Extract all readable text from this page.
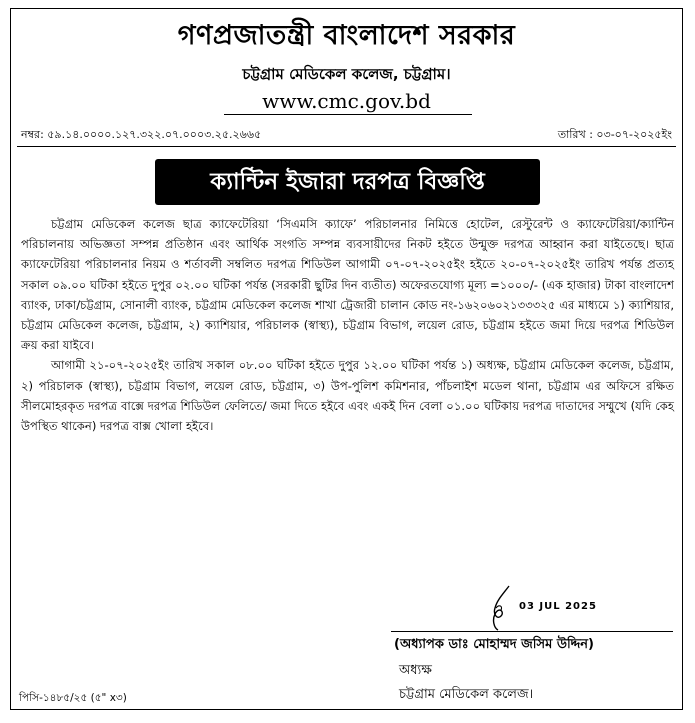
গণপ্রজাতন্ত্রী বাংলাদেশ সরকার
চট্টগ্রাম মেডিকেল কলেজ, চট্টগ্রাম।
www.cmc.gov.bd
নম্বর: ৫৯.১৪.০০০০.১২৭.৩২২.০৭.০০০৩.২৫.২৬৬৫	তারিখ : ০৩-০৭-২০২৫ইং
ক্যান্টিন ইজারা দরপত্র বিজ্ঞপ্তি

চট্টগ্রাম মেডিকেল কলেজ ছাত্র ক্যাফেটেরিয়া ‘সিএমসি ক্যাফে’ পরিচালনার নিমিত্তে হোটেল, রেস্টুরেন্ট ও ক্যাফেটেরিয়া/ক্যান্টিন পরিচালনায় অভিজ্ঞতা সম্পন্ন প্রতিষ্ঠান এবং আর্থিক সংগতি সম্পন্ন ব্যবসায়ীদের নিকট হইতে উন্মুক্ত দরপত্র আহ্বান করা যাইতেছে। ছাত্র ক্যাফেটেরিয়া পরিচালনার নিয়ম ও শর্তাবলী সম্বলিত দরপত্র শিডিউল আগামী ০৭-০৭-২০২৫ইং হইতে ২০-০৭-২০২৫ইং তারিখ পর্যন্ত প্রত্যহ সকাল ০৯.০০ ঘটিকা হইতে দুপুর ০২.০০ ঘটিকা পর্যন্ত (সরকারী ছুটির দিন ব্যতীত) অফেরতযোগ্য মূল্য =১০০০/- (এক হাজার) টাকা বাংলাদেশ ব্যাংক, ঢাকা/চট্টগ্রাম, সোনালী ব্যাংক, চট্টগ্রাম মেডিকেল কলেজ শাখা ট্রেজারী চালান কোড নং-১৬২০৬০২১৩৩৩২৫ এর মাধ্যমে ১) ক্যাশিয়ার, চট্টগ্রাম মেডিকেল কলেজ, চট্টগ্রাম, ২) ক্যাশিয়ার, পরিচালক (স্বাস্থ্য), চট্টগ্রাম বিভাগ, লয়েল রোড, চট্টগ্রাম হইতে জমা দিয়ে দরপত্র শিডিউল ক্রয় করা যাইবে।

আগামী ২১-০৭-২০২৫ইং তারিখ সকাল ০৮.০০ ঘটিকা হইতে দুপুর ১২.০০ ঘটিকা পর্যন্ত ১) অধ্যক্ষ, চট্টগ্রাম মেডিকেল কলেজ, চট্টগ্রাম, ২) পরিচালক (স্বাস্থ্য), চট্টগ্রাম বিভাগ, লয়েল রোড, চট্টগ্রাম, ৩) উপ-পুলিশ কমিশনার, পাঁচলাইশ মডেল থানা, চট্টগ্রাম এর অফিসে রক্ষিত সীলমোহরকৃত দরপত্র বাক্সে দরপত্র শিডিউল ফেলিতে/ জমা দিতে হইবে এবং একই দিন বেলা ০১.০০ ঘটিকায় দরপত্র দাতাদের সম্মুখে (যদি কেহ উপস্থিত থাকেন) দরপত্র বাক্স খোলা হইবে।

03 JUL 2025
(অধ্যাপক ডাঃ মোহাম্মদ জসিম উদ্দিন)
অধ্যক্ষ
চট্টগ্রাম মেডিকেল কলেজ।
পিসি-১৪৮৫/২৫ (৫" x৩)
